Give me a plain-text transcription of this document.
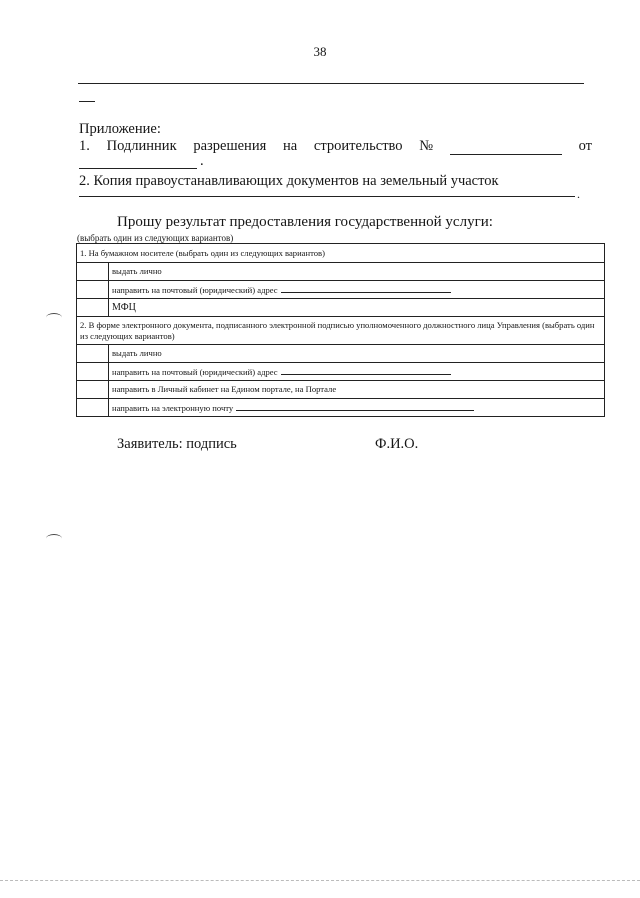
38
Приложение:
1. Подлинник разрешения на строительство №	от
.
2. Копия правоустанавливающих документов на земельный участок
.
Прошу результат предоставления государственной услуги:
(выбрать один из следующих вариантов)
1. На бумажном носителе (выбрать один из следующих вариантов)	
	выдать лично
	направить на почтовый (юридический) адрес
	МФЦ
2. В форме электронного документа, подписанного электронной подписью уполномоченного должностного лица Управления (выбрать один из следующих вариантов)	
	выдать лично
	направить на почтовый (юридический) адрес
	направить в Личный кабинет на Едином портале, на Портале
	направить на электронную почту
Заявитель: подпись	Ф.И.О.
